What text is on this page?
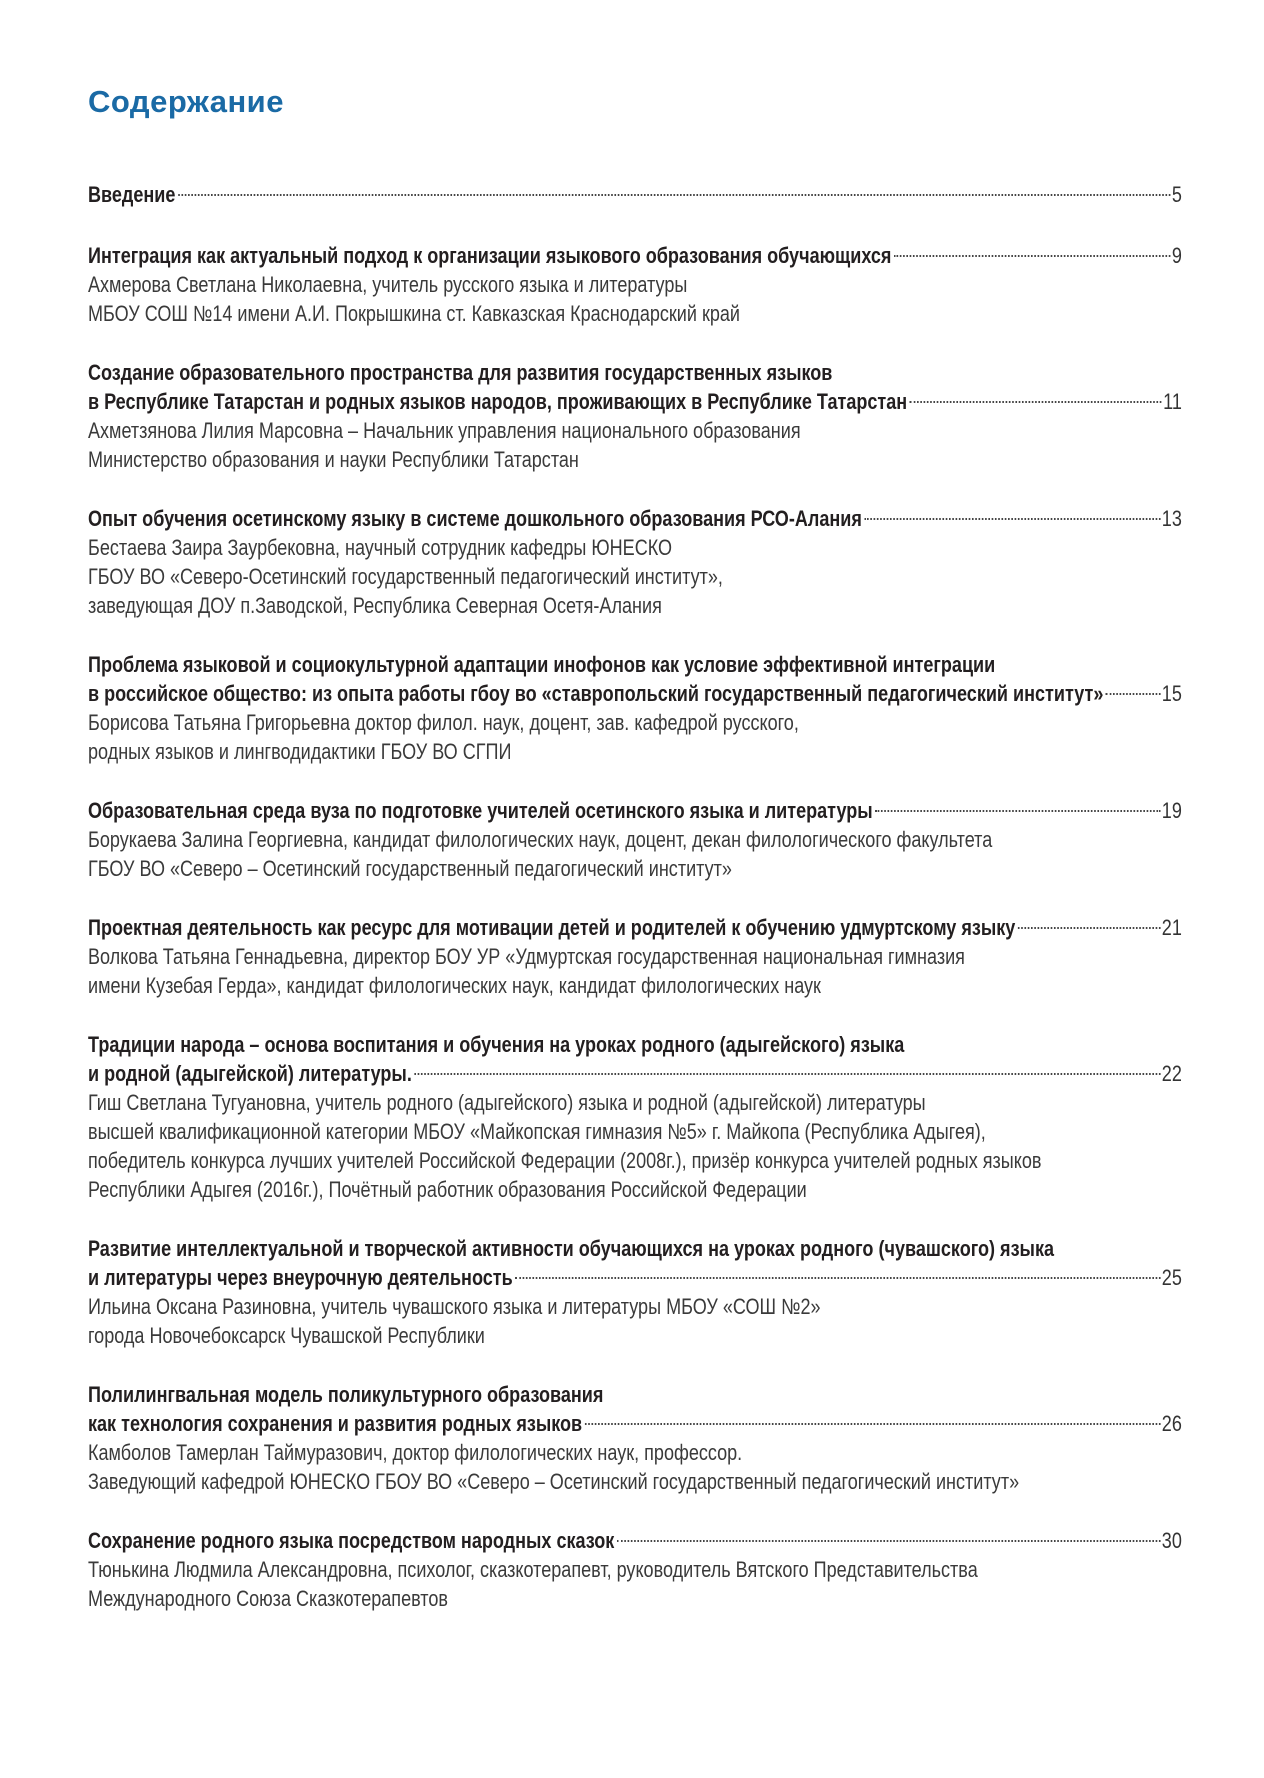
Содержание
Введение	5
Интеграция как актуальный подход к организации языкового образования обучающихся	9
Ахмерова Светлана Николаевна, учитель русского языка и литературы
МБОУ СОШ №14 имени А.И. Покрышкина ст. Кавказская Краснодарский край
Создание образовательного пространства для развития государственных языков
в Республике Татарстан и родных языков народов, проживающих в Республике Татарстан	11
Ахметзянова Лилия Марсовна – Начальник управления национального образования
Министерство образования и науки Республики Татарстан
Опыт обучения осетинскому языку в системе дошкольного образования РСО-Алания	13
Бестаева Заира Заурбековна, научный сотрудник кафедры ЮНЕСКО
ГБОУ ВО «Северо-Осетинский государственный педагогический институт»,
заведующая ДОУ п.Заводской, Республика Северная Осетя-Алания
Проблема языковой и социокультурной адаптации инофонов как условие эффективной интеграции
в российское общество: из опыта работы гбоу во «ставропольский государственный педагогический институт»	15
Борисова Татьяна Григорьевна доктор филол. наук, доцент, зав. кафедрой русского,
родных языков и лингводидактики ГБОУ ВО СГПИ
Образовательная среда вуза по подготовке учителей осетинского языка и литературы	19
Борукаева Залина Георгиевна, кандидат филологических наук, доцент, декан филологического факультета
ГБОУ ВО «Северо – Осетинский государственный педагогический институт»
Проектная деятельность как ресурс для мотивации детей и родителей к обучению удмуртскому языку	21
Волкова Татьяна Геннадьевна, директор БОУ УР «Удмуртская государственная национальная гимназия
имени Кузебая Герда», кандидат филологических наук, кандидат филологических наук
Традиции народа – основа воспитания и обучения на уроках родного (адыгейского) языка
и родной (адыгейской) литературы.	22
Гиш Светлана Тугуановна, учитель родного (адыгейского) языка и родной (адыгейской) литературы
высшей квалификационной категории МБОУ «Майкопская гимназия №5» г. Майкопа (Республика Адыгея),
победитель конкурса лучших учителей Российской Федерации (2008г.), призёр конкурса учителей родных языков
Республики Адыгея (2016г.), Почётный работник образования Российской Федерации
Развитие интеллектуальной и творческой активности обучающихся на уроках родного (чувашского) языка
и литературы через внеурочную деятельность	25
Ильина Оксана Разиновна, учитель чувашского языка и литературы МБОУ «СОШ №2»
города Новочебоксарск Чувашской Республики
Полилингвальная модель поликультурного образования
как технология сохранения и развития родных языков	26
Камболов Тамерлан Таймуразович, доктор филологических наук, профессор.
Заведующий кафедрой ЮНЕСКО ГБОУ ВО «Северо – Осетинский государственный педагогический институт»
Сохранение родного языка посредством народных сказок	30
Тюнькина Людмила Александровна, психолог, сказкотерапевт, руководитель Вятского Представительства
Международного Союза Сказкотерапевтов
